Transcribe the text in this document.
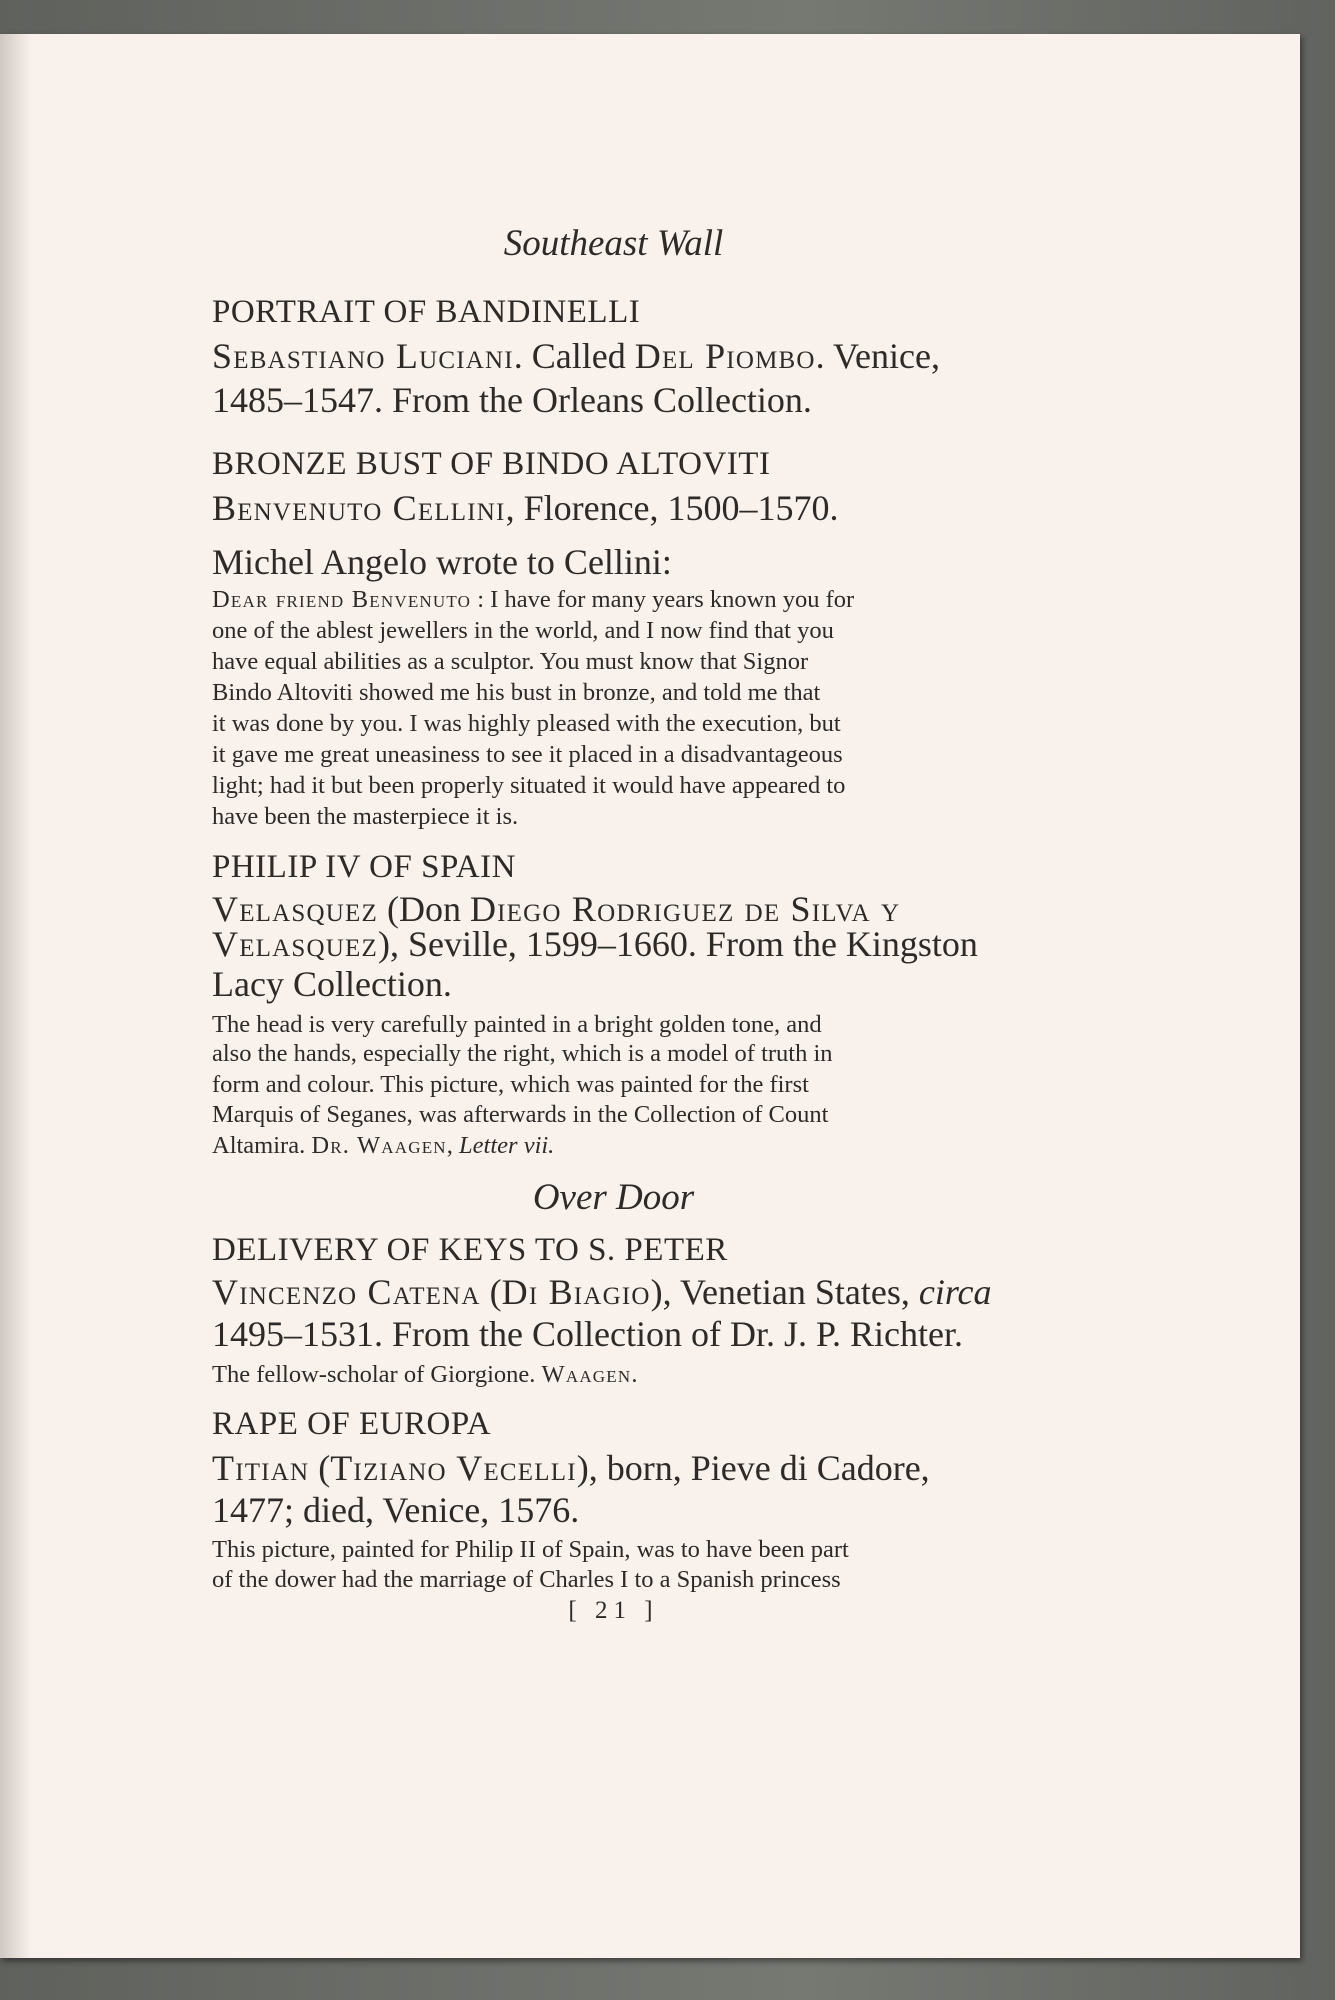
Southeast Wall
PORTRAIT OF BANDINELLI
Sebastiano Luciani. Called Del Piombo. Venice,
1485–1547. From the Orleans Collection.
BRONZE BUST OF BINDO ALTOVITI
Benvenuto Cellini, Florence, 1500–1570.
Michel Angelo wrote to Cellini:
Dear friend Benvenuto : I have for many years known you for
one of the ablest jewellers in the world, and I now find that you
have equal abilities as a sculptor. You must know that Signor
Bindo Altoviti showed me his bust in bronze, and told me that
it was done by you. I was highly pleased with the execution, but
it gave me great uneasiness to see it placed in a disadvantageous
light; had it but been properly situated it would have appeared to
have been the masterpiece it is.
PHILIP IV OF SPAIN
Velasquez (Don Diego Rodriguez de Silva y
Velasquez), Seville, 1599–1660. From the Kingston
Lacy Collection.
The head is very carefully painted in a bright golden tone, and
also the hands, especially the right, which is a model of truth in
form and colour. This picture, which was painted for the first
Marquis of Seganes, was afterwards in the Collection of Count
Altamira. Dr. Waagen, Letter vii.
Over Door
DELIVERY OF KEYS TO S. PETER
Vincenzo Catena (Di Biagio), Venetian States, circa
1495–1531. From the Collection of Dr. J. P. Richter.
The fellow-scholar of Giorgione. Waagen.
RAPE OF EUROPA
Titian (Tiziano Vecelli), born, Pieve di Cadore,
1477; died, Venice, 1576.
This picture, painted for Philip II of Spain, was to have been part
of the dower had the marriage of Charles I to a Spanish princess
[ 21 ]
